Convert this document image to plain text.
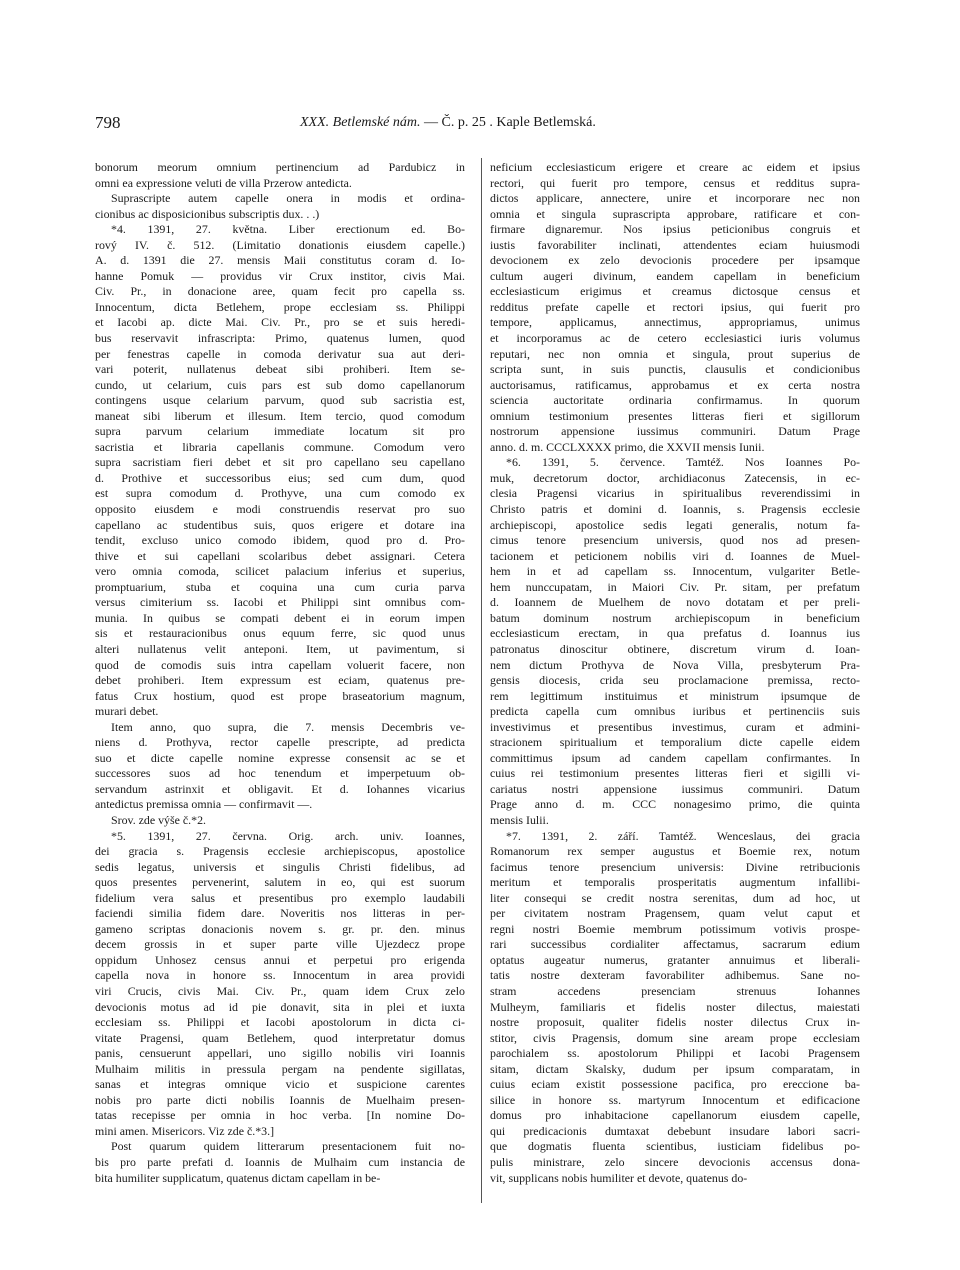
798	XXX. Betlemské nám. — Č. p. 25 . Kaple Betlemská.

bonorum meorum omnium pertinencium ad Pardubicz in
omni ea expressione veluti de villa Przerow antedicta.

Suprascripte autem capelle onera in modis et ordina-
cionibus ac disposicionibus subscriptis dux. . .)

*4. 1391, 27. května. Liber erectionum ed. Bo-
rový IV. č. 512. (Limitatio donationis eiusdem capelle.)
A. d. 1391 die 27. mensis Maii constitutus coram d. Io-
hanne Pomuk — providus vir Crux institor, civis Mai.
Civ. Pr., in donacione aree, quam fecit pro capella ss.
Innocentum, dicta Betlehem, prope ecclesiam ss. Philippi
et Iacobi ap. dicte Mai. Civ. Pr., pro se et suis heredi-
bus reservavit infrascripta: Primo, quatenus lumen, quod
per fenestras capelle in comoda derivatur sua aut deri-
vari poterit, nullatenus debeat sibi prohiberi. Item se-
cundo, ut celarium, cuis pars est sub domo capellanorum
contingens usque celarium parvum, quod sub sacristia est,
maneat sibi liberum et illesum. Item tercio, quod comodum
supra parvum celarium immediate locatum sit pro
sacristia et libraria capellanis commune. Comodum vero
supra sacristiam fieri debet et sit pro capellano seu capellano
d. Prothive et successoribus eius; sed cum dum, quod
est supra comodum d. Prothyve, una cum comodo ex
opposito eiusdem e modi construendis reservat pro suo
capellano ac studentibus suis, quos erigere et dotare ina
tendit, excluso unico comodo ibidem, quod pro d. Pro-
thive et sui capellani scolaribus debet assignari. Cetera
vero omnia comoda, scilicet palacium inferius et superius,
promptuarium, stuba et coquina una cum curia parva
versus cimiterium ss. Iacobi et Philippi sint omnibus com-
munia. In quibus se compati debent ei in eorum impen
sis et restauracionibus onus equum ferre, sic quod unus
alteri nullatenus velit anteponi. Item, ut pavimentum, si
quod de comodis suis intra capellam voluerit facere, non
debet prohiberi. Item expressum est eciam, quatenus pre-
fatus Crux hostium, quod est prope braseatorium magnum,
murari debet.

Item anno, quo supra, die 7. mensis Decembris ve-
niens d. Prothyva, rector capelle prescripte, ad predicta
suo et dicte capelle nomine expresse consensit ac se et
successores suos ad hoc tenendum et imperpetuum ob-
servandum astrinxit et obligavit. Et d. Iohannes vicarius
antedictus premissa omnia — confirmavit —.

Srov. zde výše č.*2.

*5. 1391, 27. června. Orig. arch. univ. Ioannes,
dei gracia s. Pragensis ecclesie archiepiscopus, apostolice
sedis legatus, universis et singulis Christi fidelibus, ad
quos presentes pervenerint, salutem in eo, qui est suorum
fidelium vera salus et presentibus pro exemplo laudabili
faciendi similia fidem dare. Noveritis nos litteras in per-
gameno scriptas donacionis novem s. gr. pr. den. minus
decem grossis in et super parte ville Ujezdecz prope
oppidum Unhosez census annui et perpetui pro erigenda
capella nova in honore ss. Innocentum in area providi
viri Crucis, civis Mai. Civ. Pr., quam idem Crux zelo
devocionis motus ad id pie donavit, sita in plei et iuxta
ecclesiam ss. Philippi et Iacobi apostolorum in dicta ci-
vitate Pragensi, quam Betlehem, quod interpretatur domus
panis, censuerunt appellari, uno sigillo nobilis viri Ioannis
Mulhaim militis in pressula pergam na pendente sigillatas,
sanas et integras omnique vicio et suspicione carentes
nobis pro parte dicti nobilis Ioannis de Muelhaim presen-
tatas recepisse per omnia in hoc verba. [In nomine Do-
mini amen. Misericors. Viz zde č.*3.]

Post quarum quidem litterarum presentacionem fuit no-
bis pro parte prefati d. Ioannis de Mulhaim cum instancia de
bita humiliter supplicatum, quatenus dictam capellam in be-

neficium ecclesiasticum erigere et creare ac eidem et ipsius
rectori, qui fuerit pro tempore, census et redditus supra-
dictos applicare, annectere, unire et incorporare nec non
omnia et singula suprascripta approbare, ratificare et con-
firmare dignaremur. Nos ipsius peticionibus congruis et
iustis favorabiliter inclinati, attendentes eciam huiusmodi
devocionem ex zelo devocionis procedere per ipsamque
cultum augeri divinum, eandem capellam in beneficium
ecclesiasticum erigimus et creamus dictosque census et
redditus prefate capelle et rectori ipsius, qui fuerit pro
tempore, applicamus, annectimus, appropriamus, unimus
et incorporamus ac de cetero ecclesiastici iuris volumus
reputari, nec non omnia et singula, prout superius de
scripta sunt, in suis punctis, clausulis et condicionibus
auctorisamus, ratificamus, approbamus et ex certa nostra
sciencia auctoritate ordinaria confirmamus. In quorum
omnium testimonium presentes litteras fieri et sigillorum
nostrorum appensione iussimus communiri. Datum Prage
anno. d. m. CCCLXXXX primo, die XXVII mensis Iunii.

*6. 1391, 5. července. Tamtéž. Nos Ioannes Po-
muk, decretorum doctor, archidiaconus Zatecensis, in ec-
clesia Pragensi vicarius in spiritualibus reverendissimi in
Christo patris et domini d. Ioannis, s. Pragensis ecclesie
archiepiscopi, apostolice sedis legati generalis, notum fa-
cimus tenore presencium universis, quod nos ad presen-
tacionem et peticionem nobilis viri d. Ioannes de Muel-
hem in et ad capellam ss. Innocentum, vulgariter Betle-
hem nunccupatam, in Maiori Civ. Pr. sitam, per prefatum
d. Ioannem de Muelhem de novo dotatam et per preli-
batum dominum nostrum archiepiscopum in beneficium
ecclesiasticum erectam, in qua prefatus d. Ioannus ius
patronatus dinoscitur obtinere, discretum virum d. Ioan-
nem dictum Prothyva de Nova Villa, presbyterum Pra-
gensis diocesis, crida seu proclamacione premissa, recto-
rem legittimum instituimus et ministrum ipsumque de
predicta capella cum omnibus iuribus et pertinenciis suis
investivimus et presentibus investimus, curam et admini-
stracionem spiritualium et temporalium dicte capelle eidem
committimus ipsum ad candem capellam confirmantes. In
cuius rei testimonium presentes litteras fieri et sigilli vi-
cariatus nostri appensione iussimus communiri. Datum
Prage anno d. m. CCC nonagesimo primo, die quinta
mensis Iulii.

*7. 1391, 2. září. Tamtéž. Wenceslaus, dei gracia
Romanorum rex semper augustus et Boemie rex, notum
facimus tenore presencium universis: Divine retribucionis
meritum et temporalis prosperitatis augmentum infallibi-
liter consequi se credit nostra serenitas, dum ad hoc, ut
per civitatem nostram Pragensem, quam velut caput et
regni nostri Boemie membrum potissimum votivis prospe-
rari successibus cordialiter affectamus, sacrarum edium
optatus augeatur numerus, gratanter annuimus et liberali-
tatis nostre dexteram favorabiliter adhibemus. Sane no-
stram accedens presenciam strenuus Iohannes
Mulheym, familiaris et fidelis noster dilectus, maiestati
nostre proposuit, qualiter fidelis noster dilectus Crux in-
stitor, civis Pragensis, domum sine aream prope ecclesiam
parochialem ss. apostolorum Philippi et Iacobi Pragensem
sitam, dictam Skalsky, dudum per ipsum comparatam, in
cuius eciam existit possessione pacifica, pro ereccione ba-
silice in honore ss. martyrum Innocentum et edificacione
domus pro inhabitacione capellanorum eiusdem capelle,
qui predicacionis dumtaxat debebunt insudare labori sacri-
que dogmatis fluenta scientibus, iusticiam fidelibus po-
pulis ministrare, zelo sincere devocionis accensus dona-
vit, supplicans nobis humiliter et devote, quatenus do-
